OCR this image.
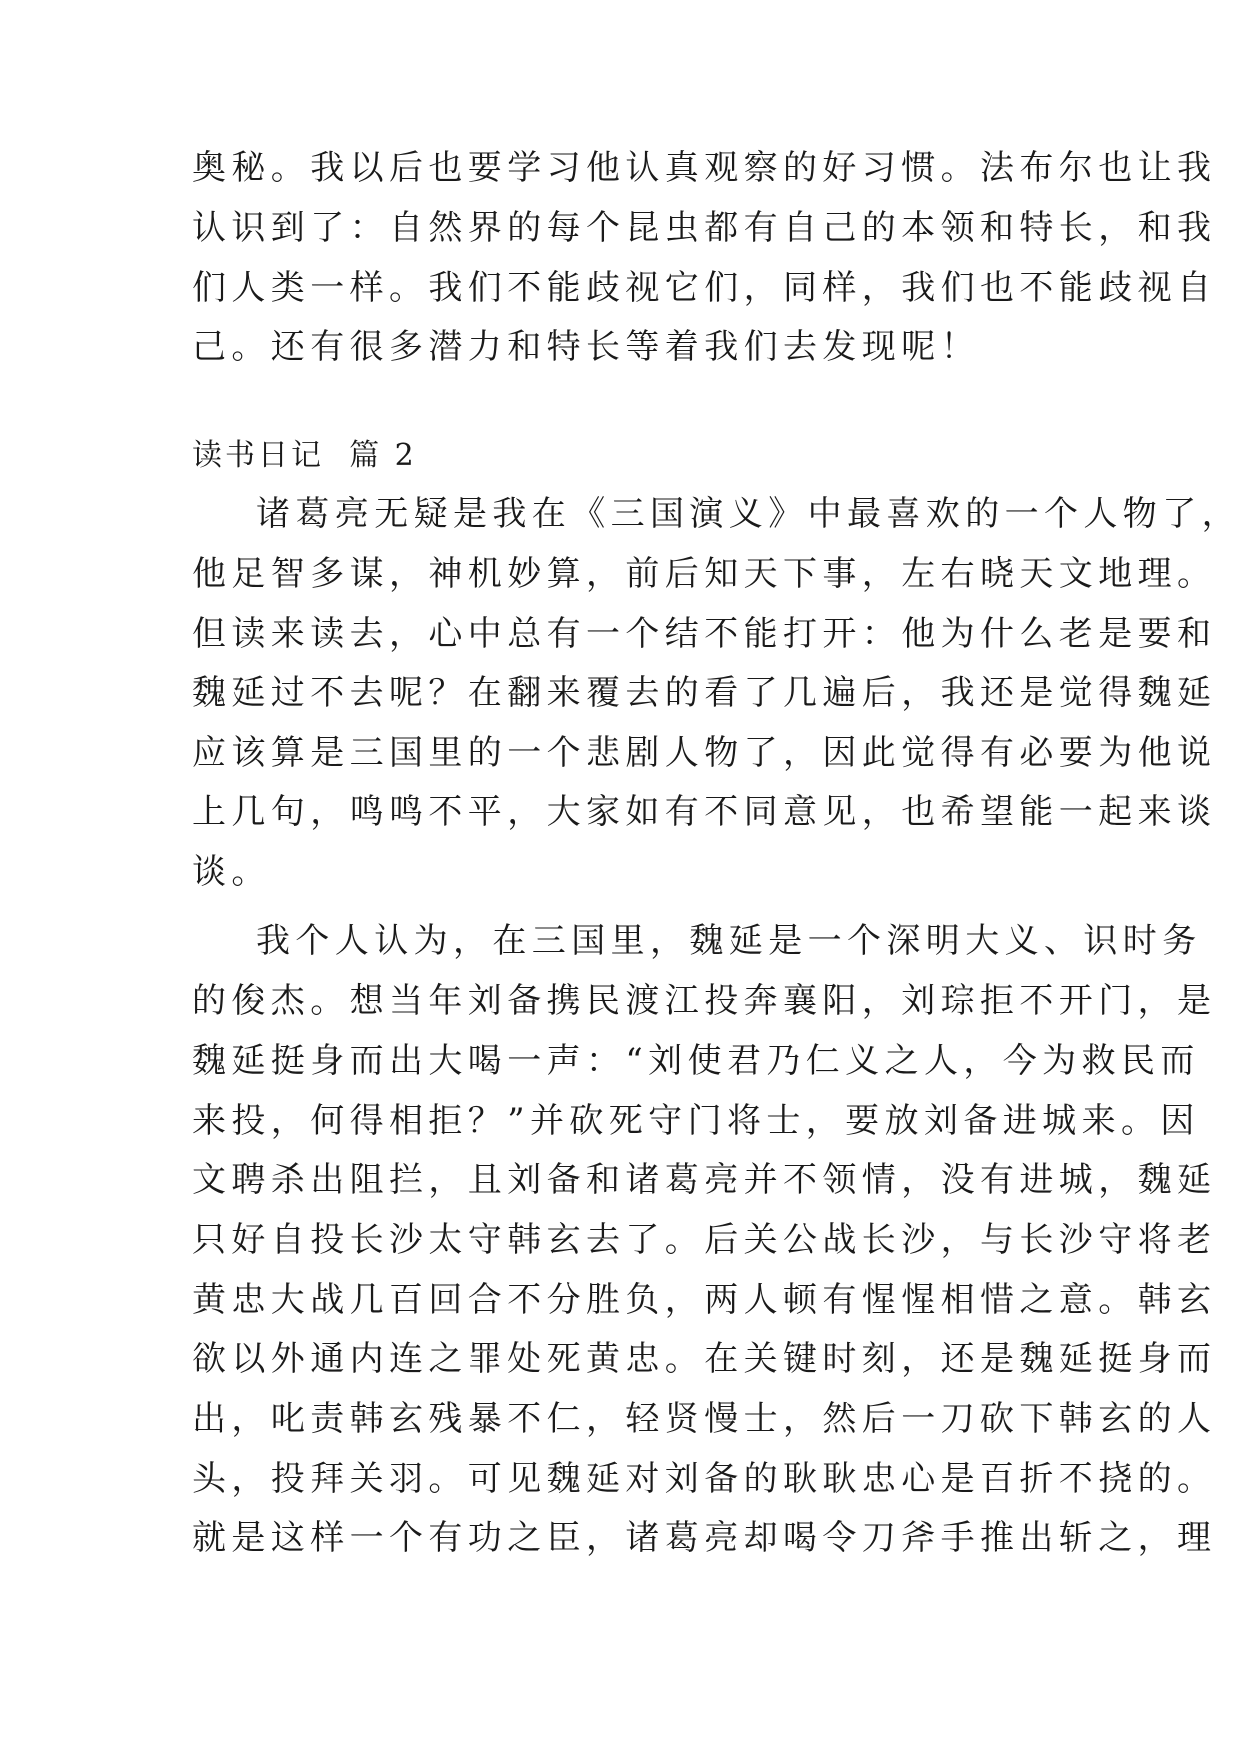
奥秘。我以后也要学习他认真观察的好习惯。法布尔也让我
认识到了：自然界的每个昆虫都有自己的本领和特长，和我
们人类一样。我们不能歧视它们，同样，我们也不能歧视自
己。还有很多潜力和特长等着我们去发现呢！
读书日记  篇 2
诸葛亮无疑是我在《三国演义》中最喜欢的一个人物了，
他足智多谋，神机妙算，前后知天下事，左右晓天文地理。
但读来读去，心中总有一个结不能打开：他为什么老是要和
魏延过不去呢？在翻来覆去的看了几遍后，我还是觉得魏延
应该算是三国里的一个悲剧人物了，因此觉得有必要为他说
上几句，鸣鸣不平，大家如有不同意见，也希望能一起来谈
谈。
我个人认为，在三国里，魏延是一个深明大义、识时务
的俊杰。想当年刘备携民渡江投奔襄阳，刘琮拒不开门，是
魏延挺身而出大喝一声：“刘使君乃仁义之人，今为救民而
来投，何得相拒？”并砍死守门将士，要放刘备进城来。因
文聘杀出阻拦，且刘备和诸葛亮并不领情，没有进城，魏延
只好自投长沙太守韩玄去了。后关公战长沙，与长沙守将老
黄忠大战几百回合不分胜负，两人顿有惺惺相惜之意。韩玄
欲以外通内连之罪处死黄忠。在关键时刻，还是魏延挺身而
出，叱责韩玄残暴不仁，轻贤慢士，然后一刀砍下韩玄的人
头，投拜关羽。可见魏延对刘备的耿耿忠心是百折不挠的。
就是这样一个有功之臣，诸葛亮却喝令刀斧手推出斩之，理
